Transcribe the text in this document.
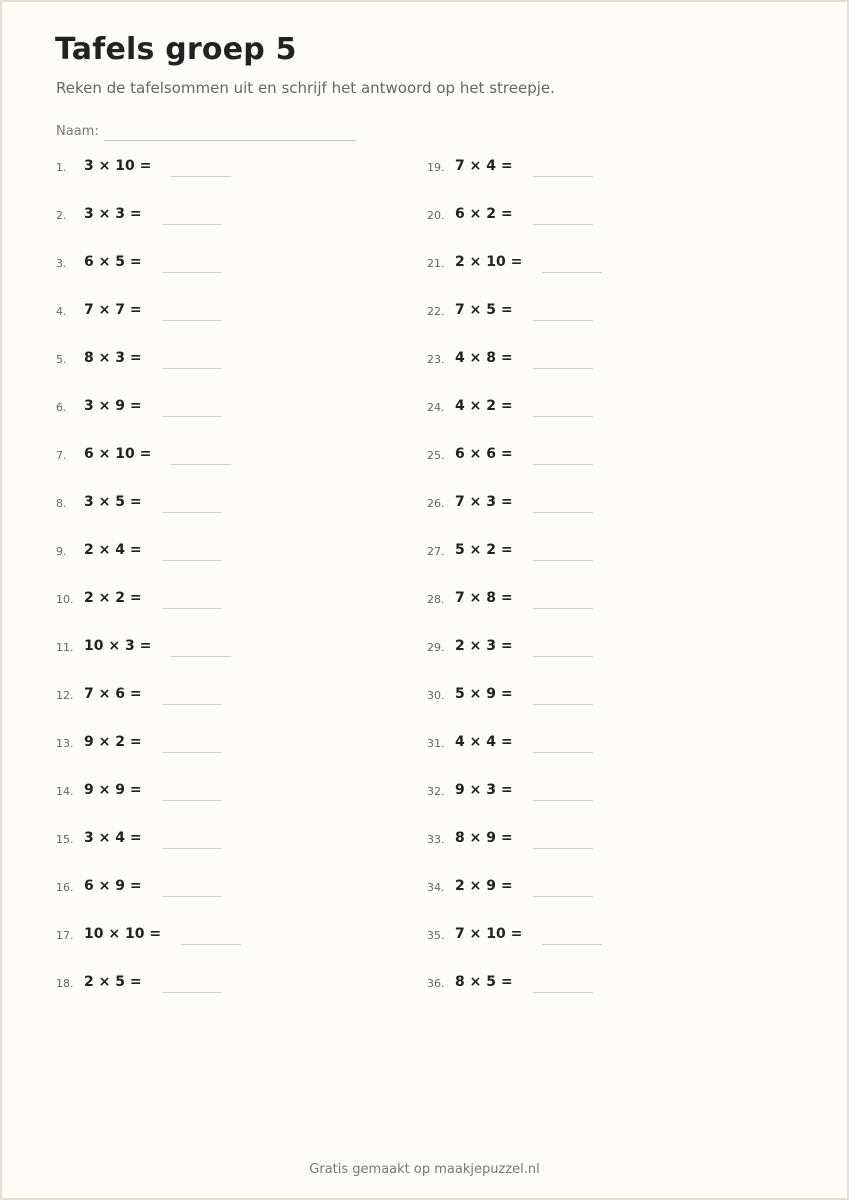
Tafels groep 5
Reken de tafelsommen uit en schrijf het antwoord op het streepje.
Naam:
1.	3 × 10 =
2.	3 × 3 =
3.	6 × 5 =
4.	7 × 7 =
5.	8 × 3 =
6.	3 × 9 =
7.	6 × 10 =
8.	3 × 5 =
9.	2 × 4 =
10. 2 × 2 =
11. 10 × 3 =
12. 7 × 6 =
13. 9 × 2 =
14. 9 × 9 =
15. 3 × 4 =
16. 6 × 9 =
17. 10 × 10 =
18. 2 × 5 =
19. 7 × 4 =
20. 6 × 2 =
21. 2 × 10 =
22. 7 × 5 =
23. 4 × 8 =
24. 4 × 2 =
25. 6 × 6 =
26. 7 × 3 =
27. 5 × 2 =
28. 7 × 8 =
29. 2 × 3 =
30. 5 × 9 =
31. 4 × 4 =
32. 9 × 3 =
33. 8 × 9 =
34. 2 × 9 =
35. 7 × 10 =
36. 8 × 5 =
Gratis gemaakt op maakjepuzzel.nl
